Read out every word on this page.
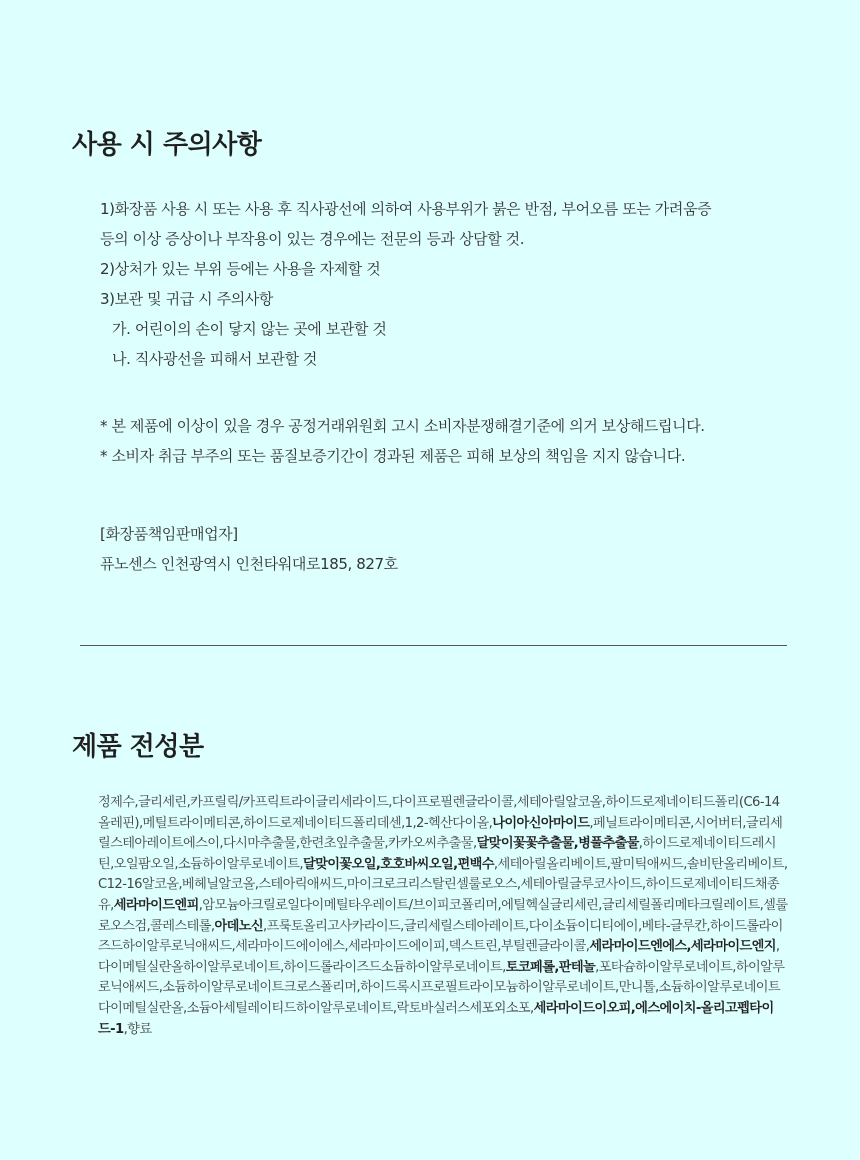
사용 시 주의사항
1)화장품 사용 시 또는 사용 후 직사광선에 의하여 사용부위가 붉은 반점, 부어오름 또는 가려움증
등의 이상 증상이나 부작용이 있는 경우에는 전문의 등과 상담할 것.
2)상처가 있는 부위 등에는 사용을 자제할 것
3)보관 및 귀급 시 주의사항
가. 어린이의 손이 닿지 않는 곳에 보관할 것
나. 직사광선을 피해서 보관할 것
* 본 제품에 이상이 있을 경우 공정거래위원회 고시 소비자분쟁해결기준에 의거 보상해드립니다.
* 소비자 취급 부주의 또는 품질보증기간이 경과된 제품은 피해 보상의 책임을 지지 않습니다.
[화장품책임판매업자]
퓨노센스 인천광역시 인천타워대로185, 827호
제품 전성분
정제수,글리세린,카프릴릭/카프릭트라이글리세라이드,다이프로필렌글라이콜,세테아릴알코올,하이드로제네이티드폴리(C6-14올레핀),메틸트라이메티콘,하이드로제네이티드폴리데센,1,2-헥산다이올,나이아신아마이드,페닐트라이메티콘,시어버터,글리세릴스테아레이트에스이,다시마추출물,한련초잎추출물,카카오씨추출물,달맞이꽃꽃추출물,병풀추출물,하이드로제네이티드레시틴,오일팜오일,소듐하이알루로네이트,달맞이꽃오일,호호바씨오일,편백수,세테아릴올리베이트,팔미틱애씨드,솔비탄올리베이트,C12-16알코올,베헤닐알코올,스테아릭애씨드,마이크로크리스탈린셀룰로오스,세테아릴글루코사이드,하이드로제네이티드채종유,세라마이드엔피,암모늄아크릴로일다이메틸타우레이트/브이피코폴리머,에틸헥실글리세린,글리세릴폴리메타크릴레이트,셀룰로오스검,콜레스테롤,아데노신,프룩토올리고사카라이드,글리세릴스테아레이트,다이소듐이디티에이,베타-글루칸,하이드롤라이즈드하이알루로닉애씨드,세라마이드에이에스,세라마이드에이피,덱스트린,부틸렌글라이콜,세라마이드엔에스,세라마이드엔지,다이메틸실란올하이알루로네이트,하이드롤라이즈드소듐하이알루로네이트,토코페롤,판테놀,포타슘하이알루로네이트,하이알루로닉애씨드,소듐하이알루로네이트크로스폴리머,하이드록시프로필트라이모늄하이알루로네이트,만니톨,소듐하이알루로네이트다이메틸실란올,소듐아세틸레이티드하이알루로네이트,락토바실러스세포외소포,세라마이드이오피,에스에이치-올리고펩타이드-1,향료
